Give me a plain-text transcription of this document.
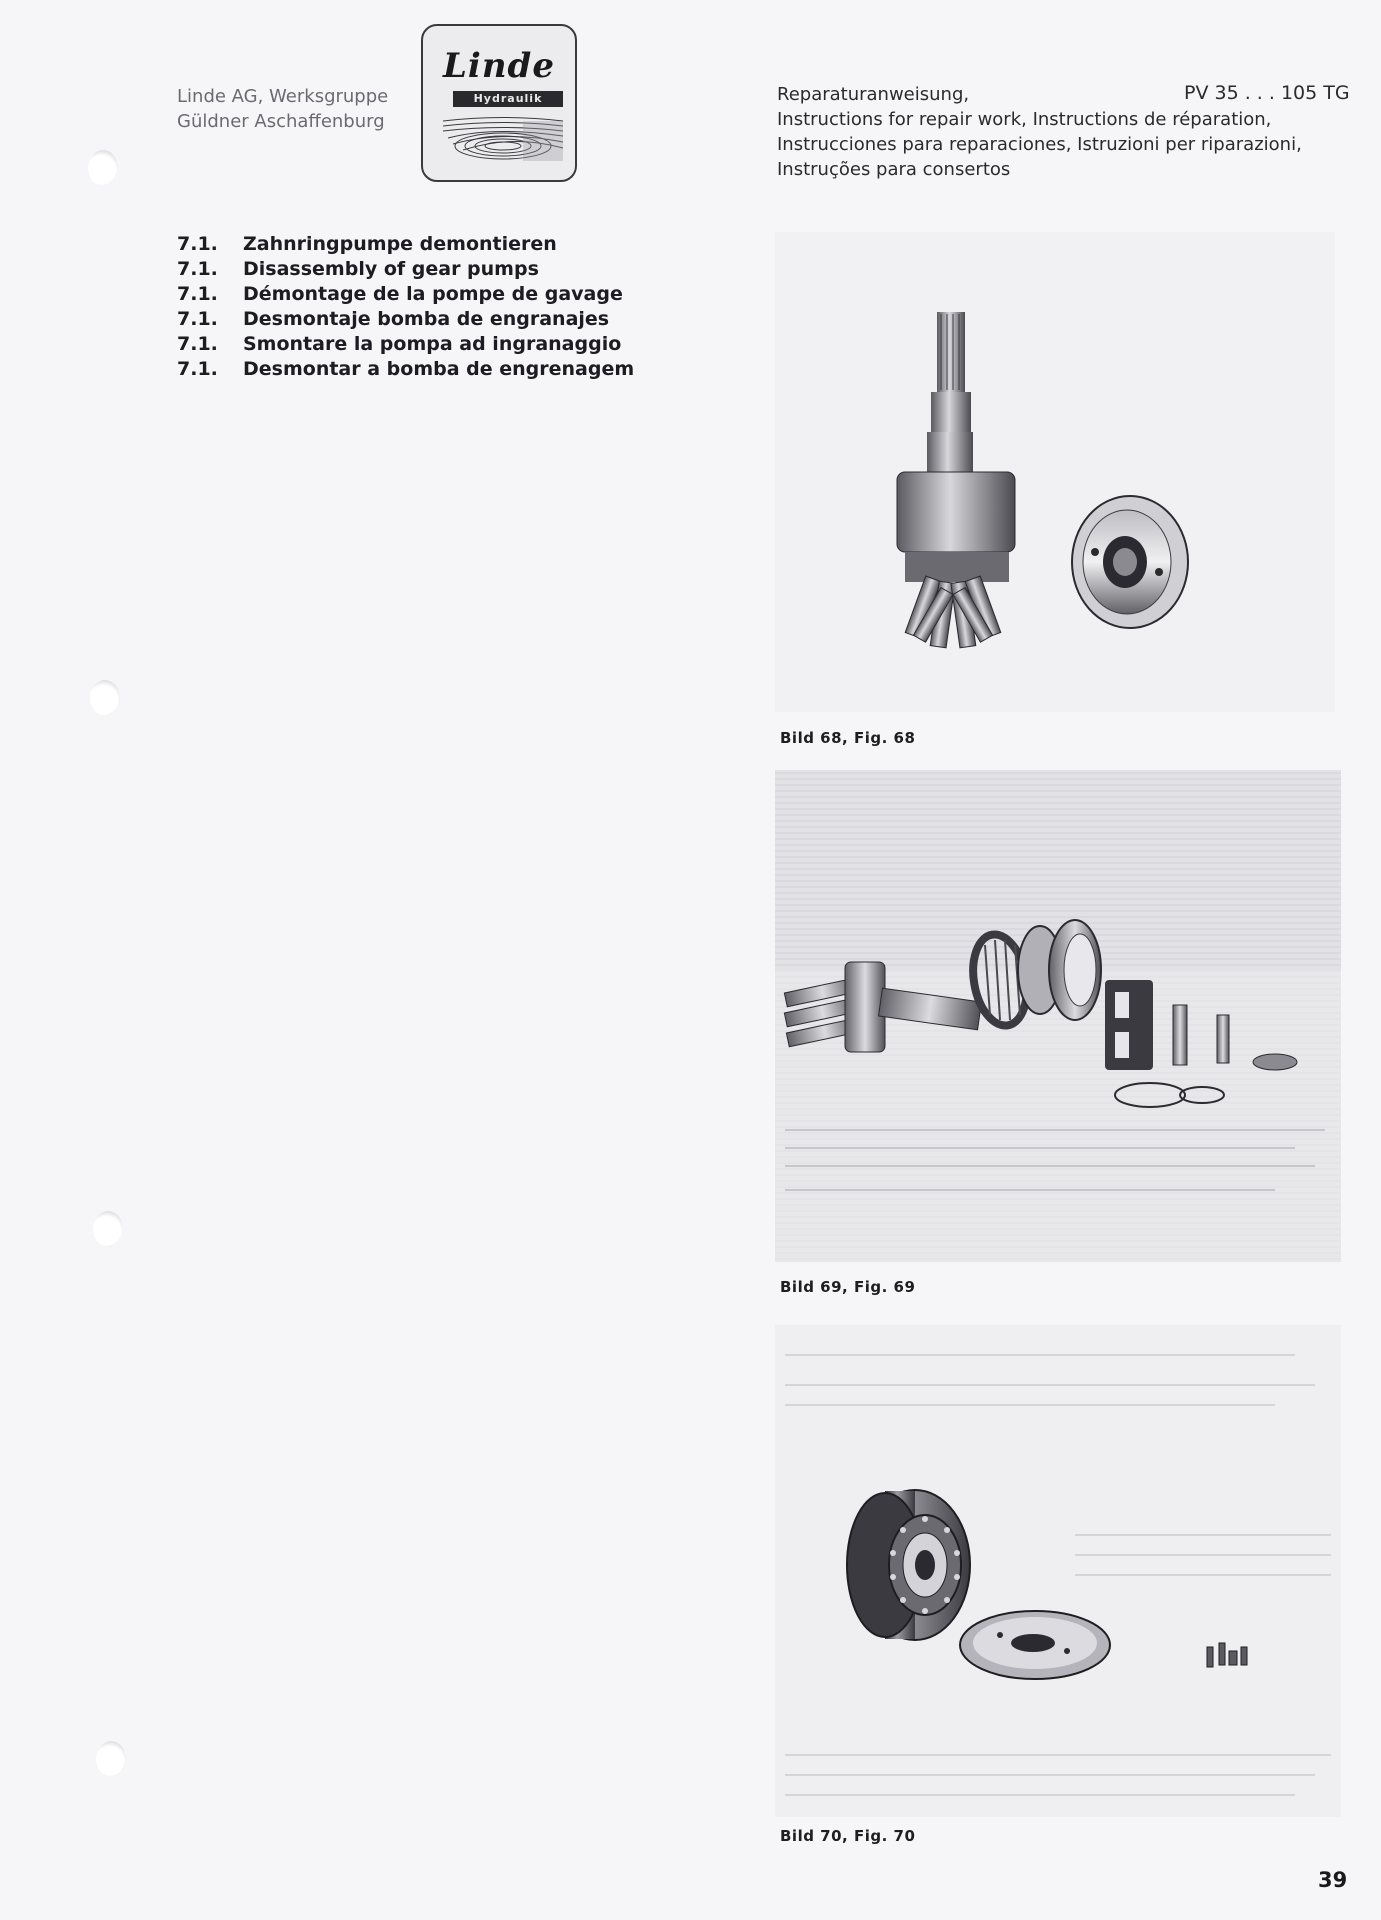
Linde AG, Werksgruppe
Güldner Aschaffenburg
Linde
Hydraulik	Reparaturanweisung,
Instructions for repair work, Instructions de réparation,
Instrucciones para reparaciones, Istruzioni per riparazioni,
Instruções para consertos
PV 35 . . . 105 TG
7.1.	Zahnringpumpe demontieren
7.1.	Disassembly of gear pumps
7.1.	Démontage de la pompe de gavage
7.1.	Desmontaje bomba de engranajes
7.1.	Smontare la pompa ad ingranaggio
7.1.	Desmontar a bomba de engrenagem
Bild 68, Fig. 68
Bild 69, Fig. 69
Bild 70, Fig. 70
39
